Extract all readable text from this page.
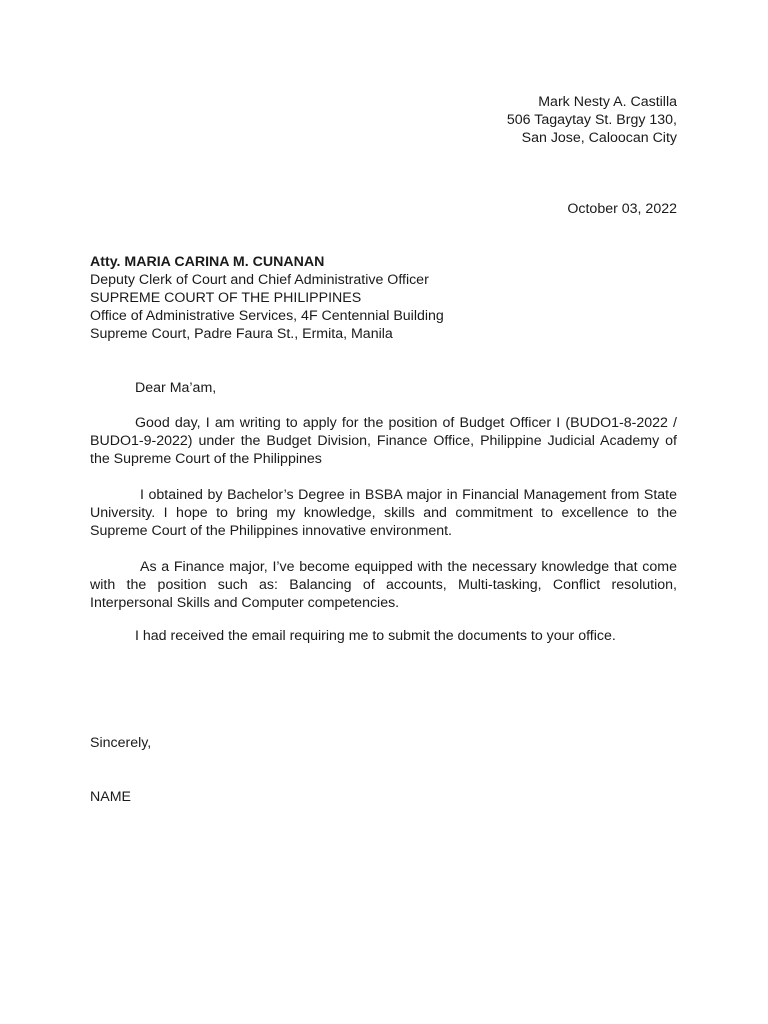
Mark Nesty A. Castilla
506 Tagaytay St. Brgy 130,
San Jose, Caloocan City
October 03, 2022
Atty. MARIA CARINA M. CUNANAN
Deputy Clerk of Court and Chief Administrative Officer
SUPREME COURT OF THE PHILIPPINES
Office of Administrative Services, 4F Centennial Building
Supreme Court, Padre Faura St., Ermita, Manila

Dear Ma’am,

Good day, I am writing to apply for the position of Budget Officer I (BUDO1-8-2022 / BUDO1-9-2022) under the Budget Division, Finance Office, Philippine Judicial Academy of the Supreme Court of the Philippines

I obtained by Bachelor’s Degree in BSBA major in Financial Management from State University. I hope to bring my knowledge, skills and commitment to excellence to the Supreme Court of the Philippines innovative environment.

As a Finance major, I’ve become equipped with the necessary knowledge that come with the position such as: Balancing of accounts, Multi-tasking, Conflict resolution, Interpersonal Skills and Computer competencies.

I had received the email requiring me to submit the documents to your office.

Sincerely,
NAME
